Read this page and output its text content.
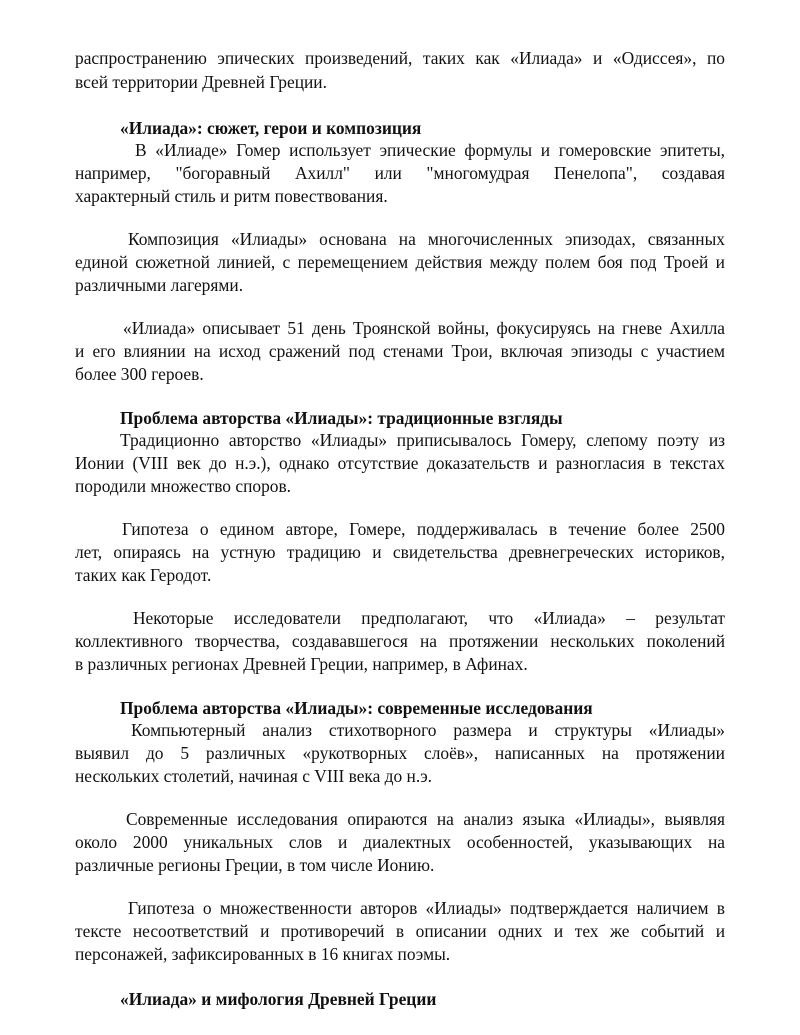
распространению эпических произведений, таких как «Илиада» и «Одиссея», по
всей территории Древней Греции.
«Илиада»: сюжет, герои и композиция
В «Илиаде» Гомер использует эпические формулы и гомеровские эпитеты,
например, "богоравный Ахилл" или "многомудрая Пенелопа", создавая
характерный стиль и ритм повествования.
Композиция «Илиады» основана на многочисленных эпизодах, связанных
единой сюжетной линией, с перемещением действия между полем боя под Троей и
различными лагерями.
«Илиада» описывает 51 день Троянской войны, фокусируясь на гневе Ахилла
и его влиянии на исход сражений под стенами Трои, включая эпизоды с участием
более 300 героев.
Проблема авторства «Илиады»: традиционные взгляды
Традиционно авторство «Илиады» приписывалось Гомеру, слепому поэту из
Ионии (VIII век до н.э.), однако отсутствие доказательств и разногласия в текстах
породили множество споров.
Гипотеза о едином авторе, Гомере, поддерживалась в течение более 2500
лет, опираясь на устную традицию и свидетельства древнегреческих историков,
таких как Геродот.
Некоторые исследователи предполагают, что «Илиада» – результат
коллективного творчества, создававшегося на протяжении нескольких поколений
в различных регионах Древней Греции, например, в Афинах.
Проблема авторства «Илиады»: современные исследования
Компьютерный анализ стихотворного размера и структуры «Илиады»
выявил до 5 различных «рукотворных слоёв», написанных на протяжении
нескольких столетий, начиная с VIII века до н.э.
Современные исследования опираются на анализ языка «Илиады», выявляя
около 2000 уникальных слов и диалектных особенностей, указывающих на
различные регионы Греции, в том числе Ионию.
Гипотеза о множественности авторов «Илиады» подтверждается наличием в
тексте несоответствий и противоречий в описании одних и тех же событий и
персонажей, зафиксированных в 16 книгах поэмы.
«Илиада» и мифология Древней Греции
